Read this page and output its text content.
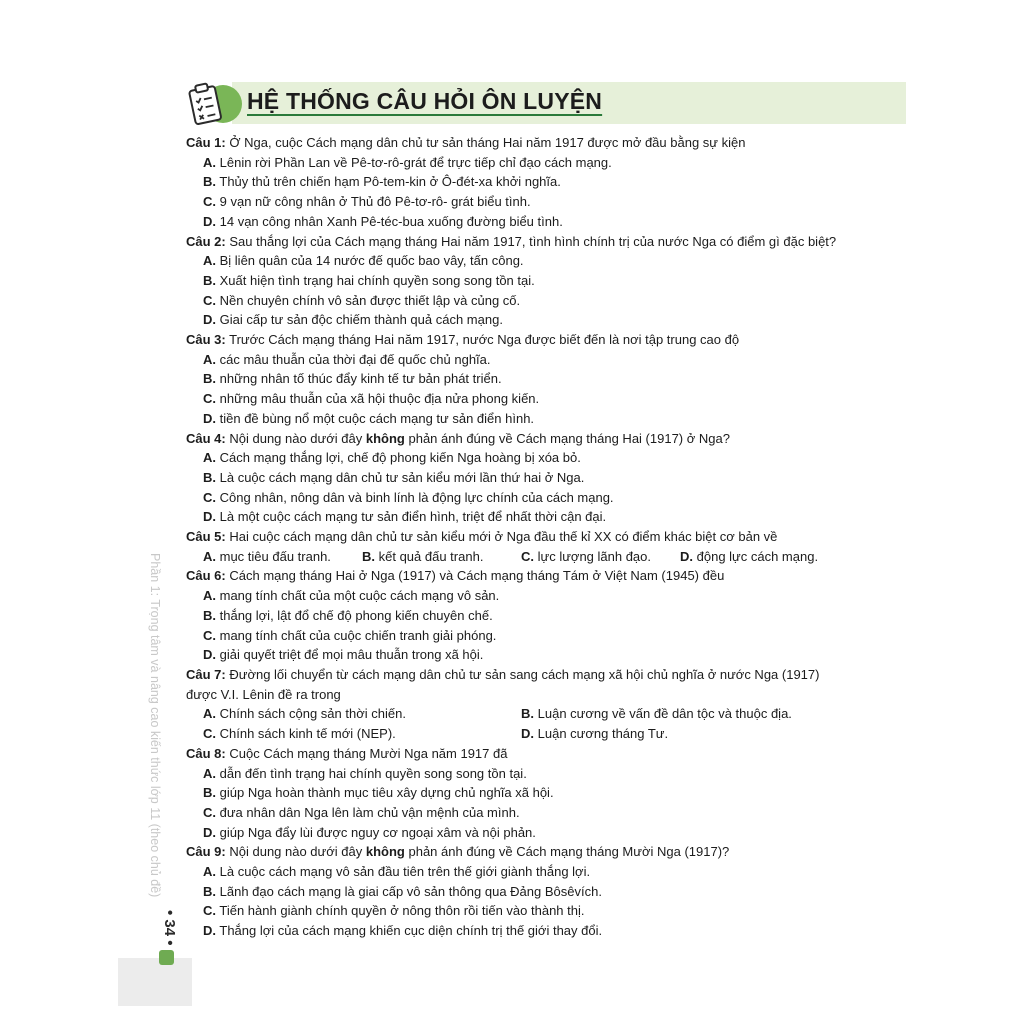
HỆ THỐNG CÂU HỎI ÔN LUYỆN
Câu 1: Ở Nga, cuộc Cách mạng dân chủ tư sản tháng Hai năm 1917 được mở đầu bằng sự kiện
A. Lênin rời Phần Lan về Pê-tơ-rô-grát để trực tiếp chỉ đạo cách mạng.
B. Thủy thủ trên chiến hạm Pô-tem-kin ở Ô-đét-xa khởi nghĩa.
C. 9 vạn nữ công nhân ở Thủ đô Pê-tơ-rô- grát biểu tình.
D. 14 vạn công nhân Xanh Pê-téc-bua xuống đường biểu tình.
Câu 2: Sau thắng lợi của Cách mạng tháng Hai năm 1917, tình hình chính trị của nước Nga có điểm gì đặc biệt?
A. Bị liên quân của 14 nước đế quốc bao vây, tấn công.
B. Xuất hiện tình trạng hai chính quyền song song tồn tại.
C. Nền chuyên chính vô sản được thiết lập và củng cố.
D. Giai cấp tư sản độc chiếm thành quả cách mạng.
Câu 3: Trước Cách mạng tháng Hai năm 1917, nước Nga được biết đến là nơi tập trung cao độ
A. các mâu thuẫn của thời đại đế quốc chủ nghĩa.
B. những nhân tố thúc đẩy kinh tế tư bản phát triển.
C. những mâu thuẫn của xã hội thuộc địa nửa phong kiến.
D. tiền đề bùng nổ một cuộc cách mạng tư sản điển hình.
Câu 4: Nội dung nào dưới đây không phản ánh đúng về Cách mạng tháng Hai (1917) ở Nga?
A. Cách mạng thắng lợi, chế độ phong kiến Nga hoàng bị xóa bỏ.
B. Là cuộc cách mạng dân chủ tư sản kiểu mới lần thứ hai ở Nga.
C. Công nhân, nông dân và binh lính là động lực chính của cách mạng.
D. Là một cuộc cách mạng tư sản điển hình, triệt để nhất thời cận đại.
Câu 5: Hai cuộc cách mạng dân chủ tư sản kiểu mới ở Nga đầu thế kỉ XX có điểm khác biệt cơ bản về
A. mục tiêu đấu tranh.	B. kết quả đấu tranh.	C. lực lượng lãnh đạo.	D. động lực cách mạng.
Câu 6: Cách mạng tháng Hai ở Nga (1917) và Cách mạng tháng Tám ở Việt Nam (1945) đều
A. mang tính chất của một cuộc cách mạng vô sản.
B. thắng lợi, lật đổ chế độ phong kiến chuyên chế.
C. mang tính chất của cuộc chiến tranh giải phóng.
D. giải quyết triệt để mọi mâu thuẫn trong xã hội.
Câu 7: Đường lối chuyển từ cách mạng dân chủ tư sản sang cách mạng xã hội chủ nghĩa ở nước Nga (1917)
được V.I. Lênin đề ra trong
A. Chính sách cộng sản thời chiến.	B. Luận cương về vấn đề dân tộc và thuộc địa.
C. Chính sách kinh tế mới (NEP).	D. Luận cương tháng Tư.
Câu 8: Cuộc Cách mạng tháng Mười Nga năm 1917 đã
A. dẫn đến tình trạng hai chính quyền song song tồn tại.
B. giúp Nga hoàn thành mục tiêu xây dựng chủ nghĩa xã hội.
C. đưa nhân dân Nga lên làm chủ vận mệnh của mình.
D. giúp Nga đẩy lùi được nguy cơ ngoại xâm và nội phản.
Câu 9: Nội dung nào dưới đây không phản ánh đúng về Cách mạng tháng Mười Nga (1917)?
A. Là cuộc cách mạng vô sản đầu tiên trên thế giới giành thắng lợi.
B. Lãnh đạo cách mạng là giai cấp vô sản thông qua Đảng Bôsêvích.
C. Tiến hành giành chính quyền ở nông thôn rồi tiến vào thành thị.
D. Thắng lợi của cách mạng khiến cục diện chính trị thế giới thay đổi.
Phần 1: Trọng tâm và nâng cao kiến thức lớp 11 (theo chủ đề)
• 34 •
